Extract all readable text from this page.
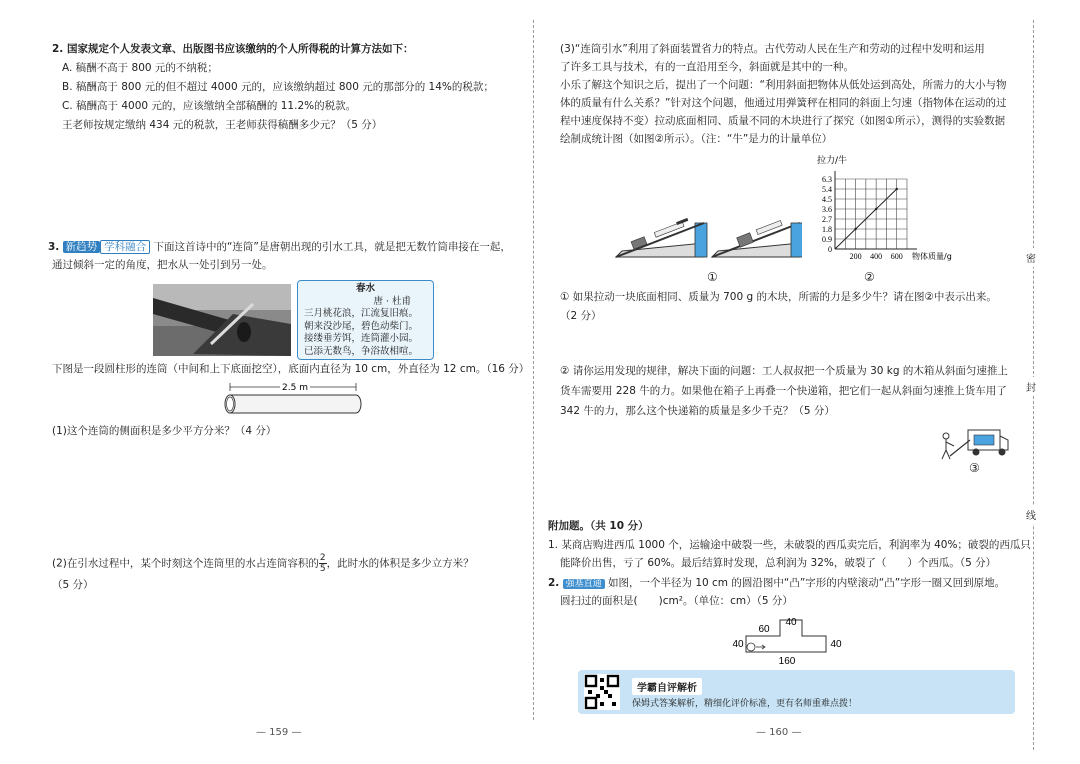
2. 国家规定个人发表文章、出版图书应该缴纳的个人所得税的计算方法如下：
A. 稿酬不高于 800 元的不纳税；
B. 稿酬高于 800 元的但不超过 4000 元的，应该缴纳超过 800 元的那部分的 14%的税款；
C. 稿酬高于 4000 元的，应该缴纳全部稿酬的 11.2%的税款。
王老师按规定缴纳 434 元的税款，王老师获得稿酬多少元？（5 分）
3. 新趋势 学科融合 下面这首诗中的“连筒”是唐朝出现的引水工具，就是把无数竹筒串接在一起，
通过倾斜一定的角度，把水从一处引到另一处。
春水
唐 · 杜甫
三月桃花浪，江流复旧痕。
朝来没沙尾，碧色动柴门。
接缕垂芳饵，连筒灌小园。
已添无数鸟，争浴故相喧。
下图是一段圆柱形的连筒（中间和上下底面挖空），底面内直径为 10 cm，外直径为 12 cm。（16 分）
2.5 m
(1)这个连筒的侧面积是多少平方分米？（4 分）
(2)在引水过程中，某个时刻这个连筒里的水占连筒容积的 $\frac{2}{5}$ ，此时水的体积是多少立方米？
（5 分）
— 159 —
(3)“连筒引水”利用了斜面装置省力的特点。古代劳动人民在生产和劳动的过程中发明和运用
了许多工具与技术，有的一直沿用至今，斜面就是其中的一种。
小乐了解这个知识之后，提出了一个问题：“利用斜面把物体从低处运到高处，所需力的大小与物
体的质量有什么关系？”针对这个问题，他通过用弹簧秤在相同的斜面上匀速（指物体在运动的过
程中速度保持不变）拉动底面相同、质量不同的木块进行了探究（如图①所示），测得的实验数据
绘制成统计图（如图②所示）。（注：“牛”是力的计量单位）
①
0.9
1.8
2.7
3.6
4.5
5.4
6.3
0
200 400 600
拉力/牛
物体质量/g
②
① 如果拉动一块底面相同、质量为 700 g 的木块，所需的力是多少牛？请在图②中表示出来。
（2 分）
② 请你运用发现的规律，解决下面的问题：工人叔叔把一个质量为 30 kg 的木箱从斜面匀速推上
货车需要用 228 牛的力。如果他在箱子上再叠一个快递箱，把它们一起从斜面匀速推上货车用了
342 牛的力，那么这个快递箱的质量是多少千克？（5 分）
③
附加题。（共 10 分）
1. 某商店购进西瓜 1000 个，运输途中破裂一些，未破裂的西瓜卖完后，利润率为 40%；破裂的西瓜只
能降价出售，亏了 60%。最后结算时发现，总利润为 32%，破裂了（　　）个西瓜。（5 分）
2. 强基直通 如图，一个半径为 10 cm 的圆沿图中“凸”字形的内壁滚动“凸”字形一圈又回到原地。
圆扫过的面积是(　　)cm²。（单位：cm）（5 分）
40
60
40	40
160
学霸自评解析
保姆式答案解析，精细化评价标准，更有名师重难点拨！
密
封
线
— 160 —
